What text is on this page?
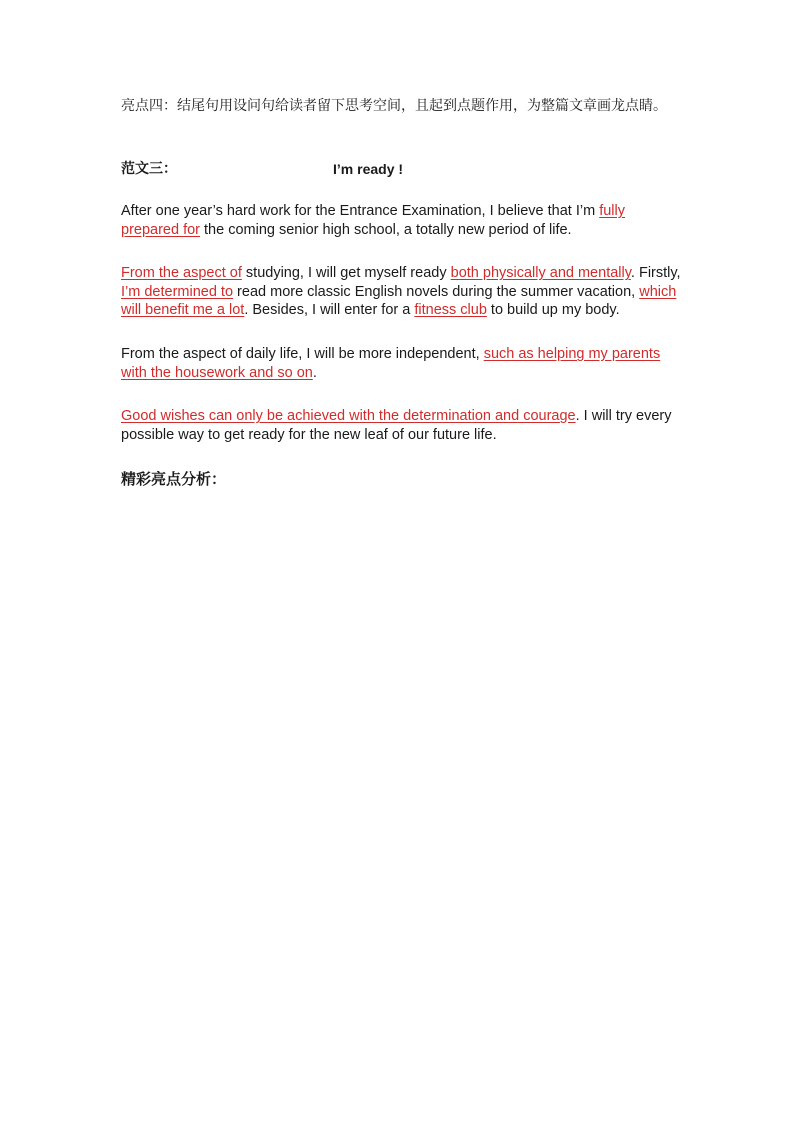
亮点四：结尾句用设问句给读者留下思考空间，且起到点题作用，为整篇文章画龙点睛。
范文三：	I’m ready !

After one year’s hard work for the Entrance Examination, I believe that I’m fully prepared for the coming senior high school, a totally new period of life.

From the aspect of studying, I will get myself ready both physically and mentally. Firstly, I’m determined to read more classic English novels during the summer vacation, which will benefit me a lot. Besides, I will enter for a fitness club to build up my body.

From the aspect of daily life, I will be more independent, such as helping my parents with the housework and so on.

Good wishes can only be achieved with the determination and courage. I will try every possible way to get ready for the new leaf of our future life.

精彩亮点分析：
